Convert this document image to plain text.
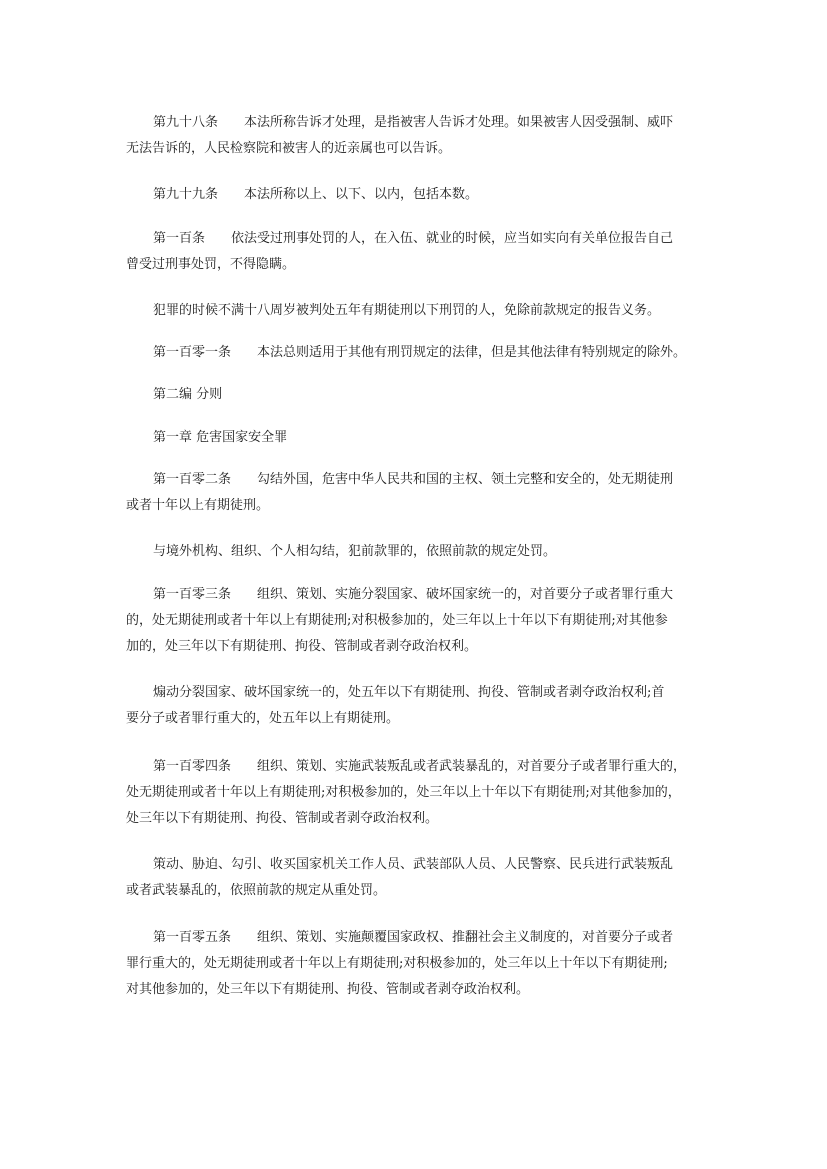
第九十八条 本法所称告诉才处理，是指被害人告诉才处理。如果被害人因受强制、威吓
无法告诉的，人民检察院和被害人的近亲属也可以告诉。
第九十九条 本法所称以上、以下、以内，包括本数。
第一百条 依法受过刑事处罚的人，在入伍、就业的时候，应当如实向有关单位报告自己
曾受过刑事处罚，不得隐瞒。
犯罪的时候不满十八周岁被判处五年有期徒刑以下刑罚的人，免除前款规定的报告义务。
第一百零一条 本法总则适用于其他有刑罚规定的法律，但是其他法律有特别规定的除外。
第二编 分则
第一章 危害国家安全罪
第一百零二条 勾结外国，危害中华人民共和国的主权、领土完整和安全的，处无期徒刑
或者十年以上有期徒刑。
与境外机构、组织、个人相勾结，犯前款罪的，依照前款的规定处罚。
第一百零三条 组织、策划、实施分裂国家、破坏国家统一的，对首要分子或者罪行重大
的，处无期徒刑或者十年以上有期徒刑;对积极参加的，处三年以上十年以下有期徒刑;对其他参
加的，处三年以下有期徒刑、拘役、管制或者剥夺政治权利。
煽动分裂国家、破坏国家统一的，处五年以下有期徒刑、拘役、管制或者剥夺政治权利;首
要分子或者罪行重大的，处五年以上有期徒刑。
第一百零四条 组织、策划、实施武装叛乱或者武装暴乱的，对首要分子或者罪行重大的，
处无期徒刑或者十年以上有期徒刑;对积极参加的，处三年以上十年以下有期徒刑;对其他参加的，
处三年以下有期徒刑、拘役、管制或者剥夺政治权利。
策动、胁迫、勾引、收买国家机关工作人员、武装部队人员、人民警察、民兵进行武装叛乱
或者武装暴乱的，依照前款的规定从重处罚。
第一百零五条 组织、策划、实施颠覆国家政权、推翻社会主义制度的，对首要分子或者
罪行重大的，处无期徒刑或者十年以上有期徒刑;对积极参加的，处三年以上十年以下有期徒刑;
对其他参加的，处三年以下有期徒刑、拘役、管制或者剥夺政治权利。
